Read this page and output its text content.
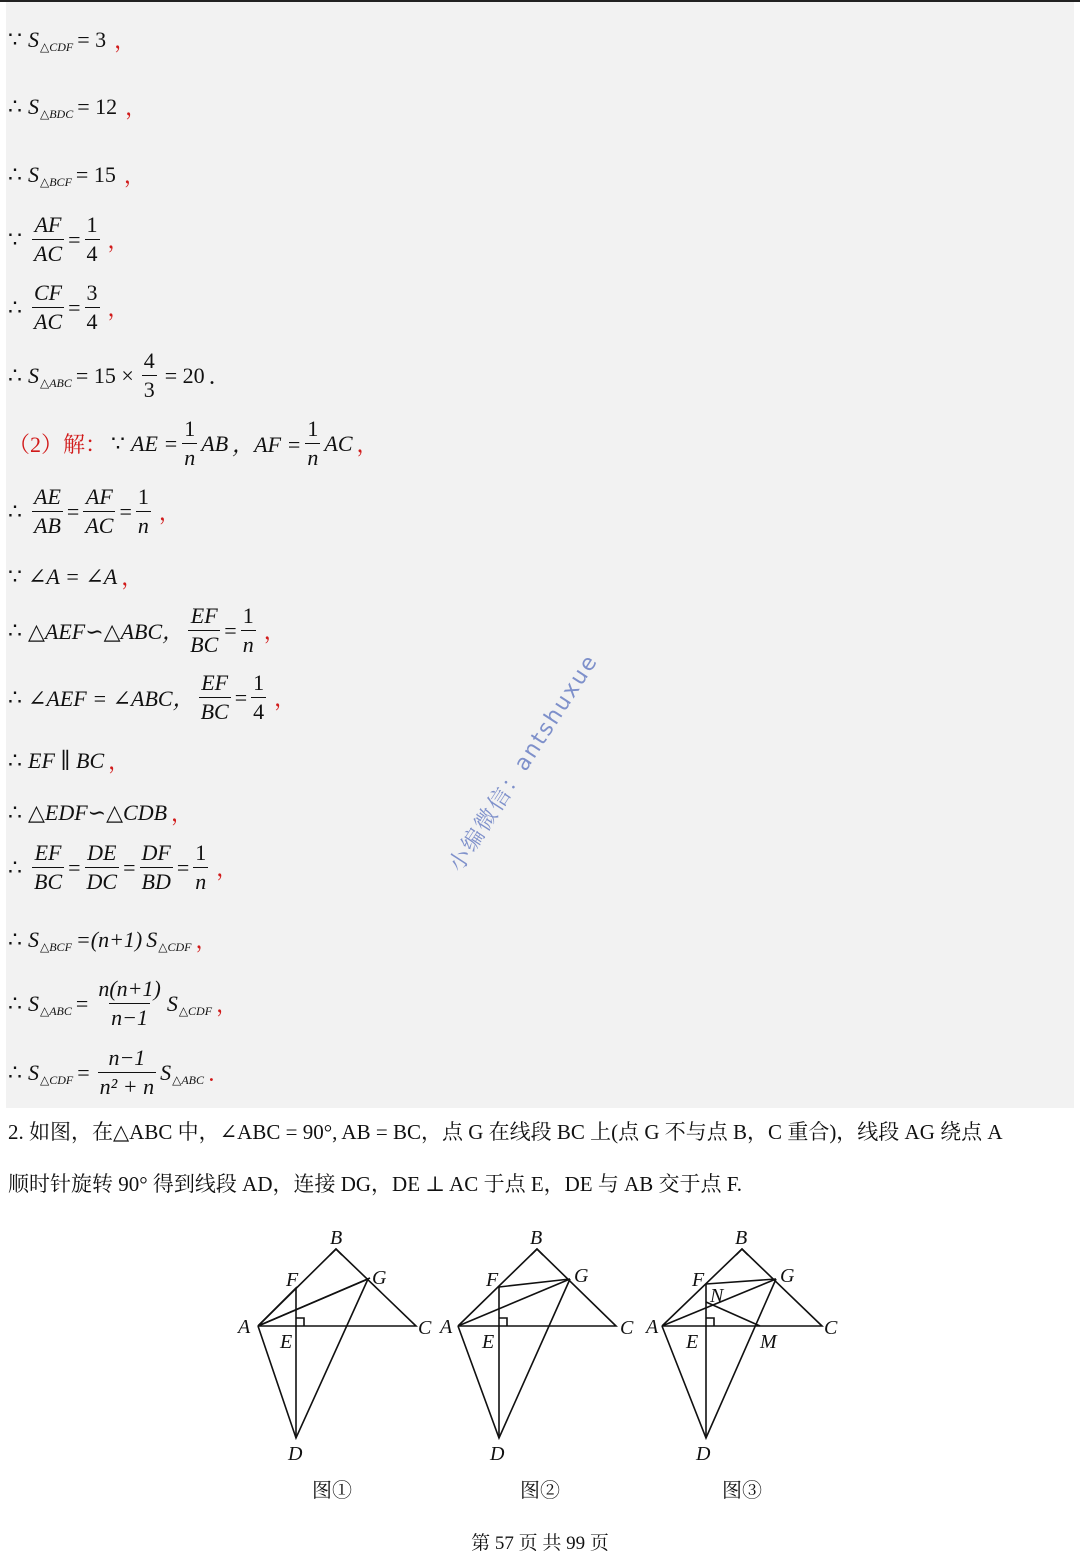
∵ S △CDF = 3 ，
∴ S △BDC = 12 ，
∴ S △BCF = 15 ，
∵ $\frac{AF}{AC} = \frac{1}{4}$ ，
∴ $\frac{CF}{AC} = \frac{3}{4}$ ，
∴ S △ABC = $15 \times \frac{4}{3} = 20$ ．
（2）解： ∵ AE = $\frac{1}{n}$ AB ，AF = $\frac{1}{n}$ AC ，
∴ $\frac{AE}{AB} = \frac{AF}{AC} = \frac{1}{n}$ ，
∵ ∠A = ∠A ，
∴ △AEF∽△ABC， $\frac{EF}{BC} = \frac{1}{n}$ ，
∴ ∠AEF = ∠ABC， $\frac{EF}{BC} = \frac{1}{4}$ ，
∴ EF ∥ BC ，
∴ △EDF∽△CDB ，
∴ $\frac{EF}{BC} = \frac{DE}{DC} = \frac{DF}{BD} = \frac{1}{n}$ ，
∴ S △BCF =(n+1) S △CDF ，
∴ S △ABC = $\frac{n(n+1)}{n-1}$ S △CDF ，
∴ S △CDF = $\frac{n-1}{\text{n² + n}}$ S △ABC ．
小编微信：antshuxue
2. 如图，在△ABC 中，∠ABC = 90°, AB = BC，点 G 在线段 BC 上(点 G 不与点 B，C 重合)，线段 AG 绕点 A
顺时针旋转 90° 得到线段 AD，连接 DG，DE ⊥ AC 于点 E，DE 与 AB 交于点 F.
B
F	G
A	C
E
D
B
F	G
A	C
E
D
B
F
N
G
A	C
E	M
D
图①	图②	图③
第 57 页 共 99 页
